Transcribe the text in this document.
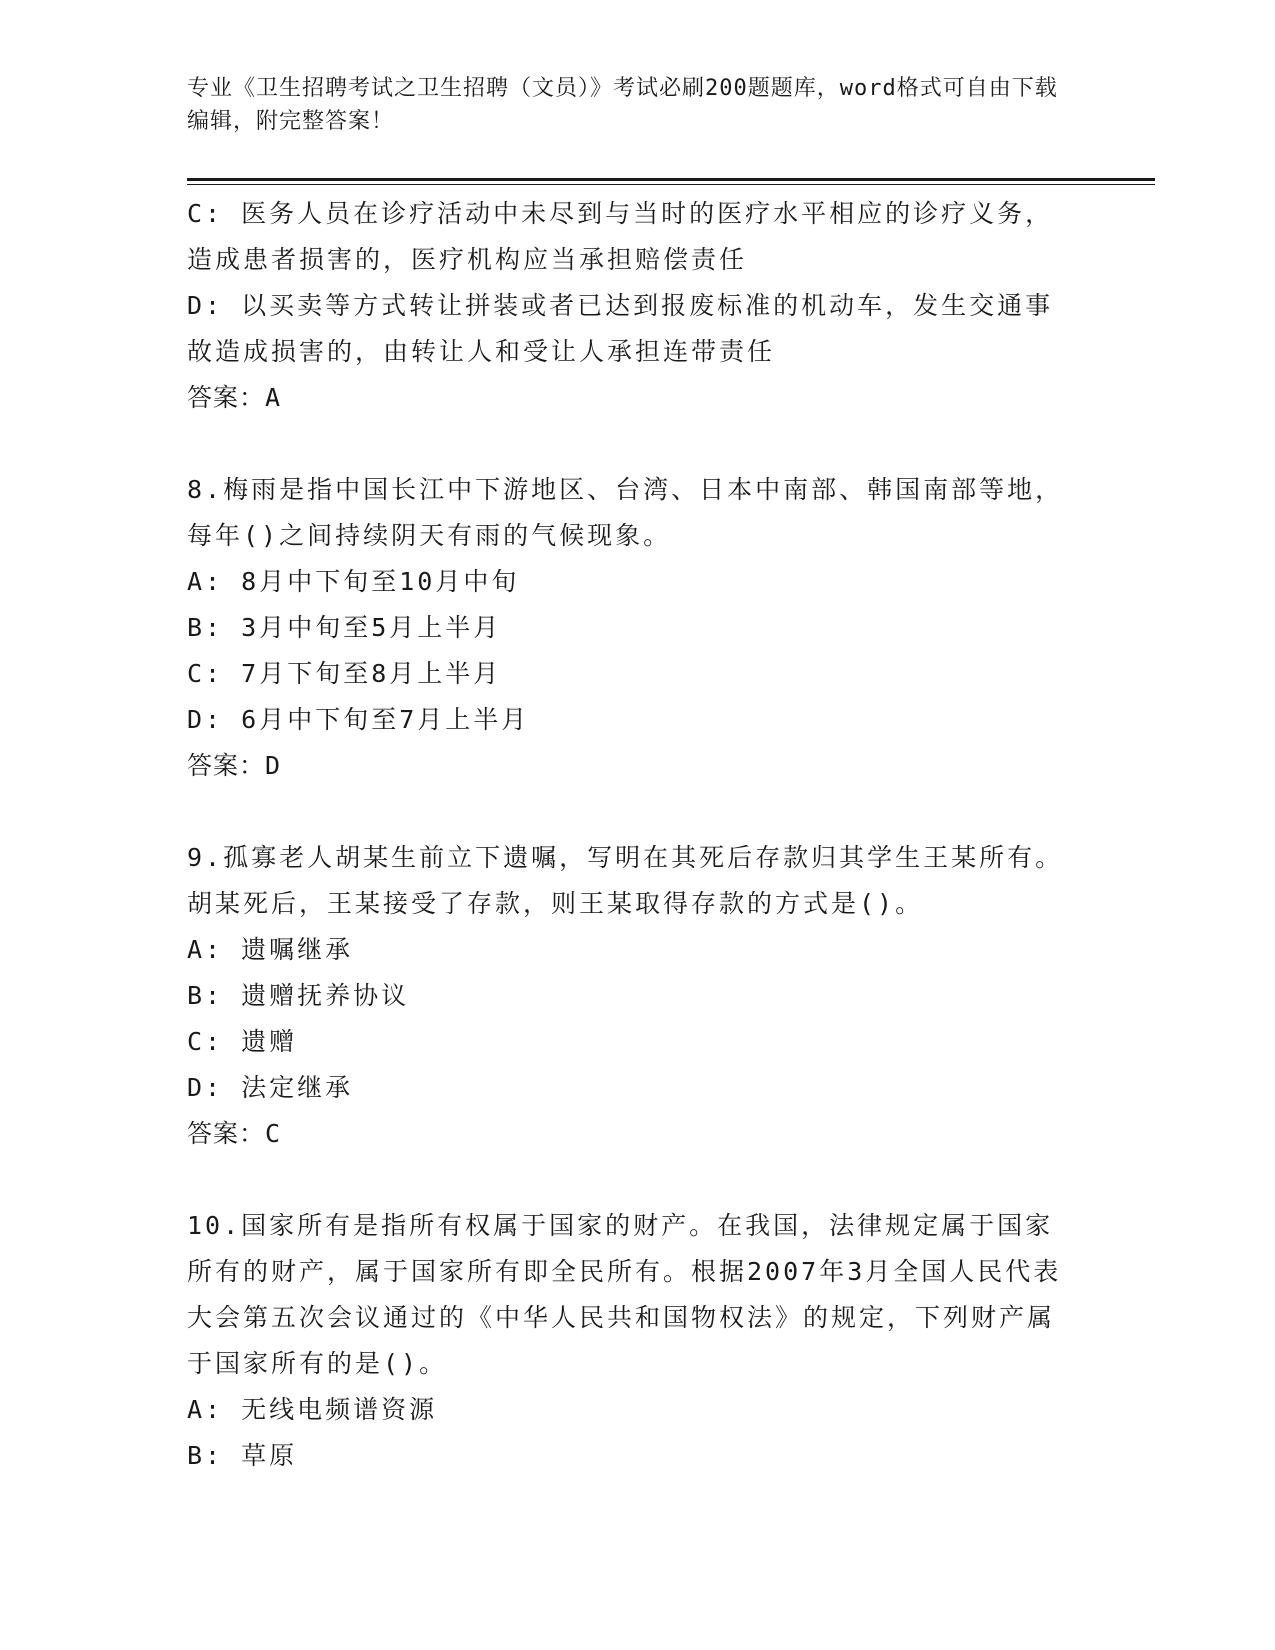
专业《卫生招聘考试之卫生招聘（文员）》考试必刷200题题库，word格式可自由下载编辑，附完整答案！
C: 医务人员在诊疗活动中未尽到与当时的医疗水平相应的诊疗义务，造成患者损害的，医疗机构应当承担赔偿责任
D: 以买卖等方式转让拼装或者已达到报废标准的机动车，发生交通事故造成损害的，由转让人和受让人承担连带责任
答案：A
8.梅雨是指中国长江中下游地区、台湾、日本中南部、韩国南部等地，每年()之间持续阴天有雨的气候现象。
A: 8月中下旬至10月中旬
B: 3月中旬至5月上半月
C: 7月下旬至8月上半月
D: 6月中下旬至7月上半月
答案：D
9.孤寡老人胡某生前立下遗嘱，写明在其死后存款归其学生王某所有。胡某死后，王某接受了存款，则王某取得存款的方式是()。
A: 遗嘱继承
B: 遗赠抚养协议
C: 遗赠
D: 法定继承
答案：C
10.国家所有是指所有权属于国家的财产。在我国，法律规定属于国家所有的财产，属于国家所有即全民所有。根据2007年3月全国人民代表大会第五次会议通过的《中华人民共和国物权法》的规定，下列财产属于国家所有的是()。
A: 无线电频谱资源
B: 草原
